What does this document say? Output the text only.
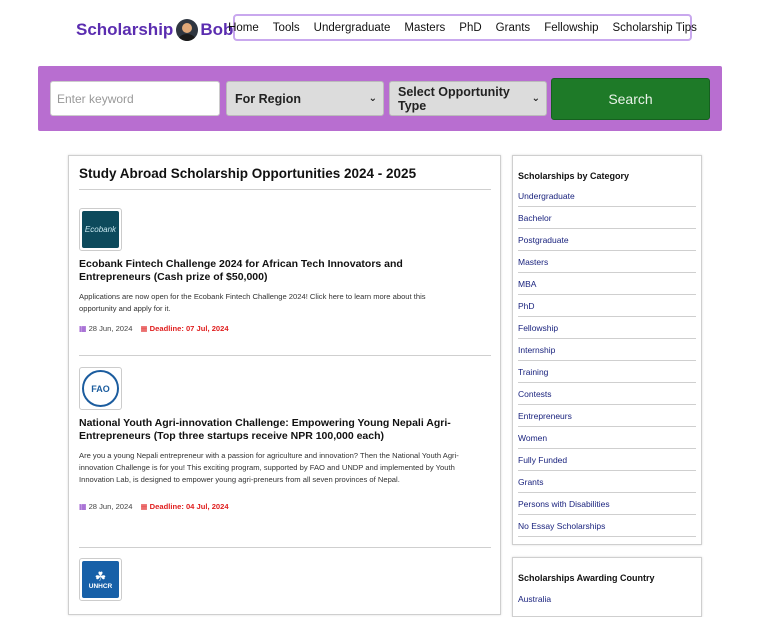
Scholarship Bob
Home	Tools	Undergraduate	Masters	PhD	Grants	Fellowship	Scholarship Tips
Enter keyword
For Region	⌄ Select Opportunity Type	⌄	Search
Study Abroad Scholarship Opportunities 2024 - 2025
Ecobank
Ecobank Fintech Challenge 2024 for African Tech Innovators and Entrepreneurs (Cash prize of $50,000)
Applications are now open for the Ecobank Fintech Challenge 2024! Click here to learn more about this opportunity and apply for it.
▦ 28 Jun, 2024 ▦ Deadline: 07 Jul, 2024
FAO
National Youth Agri-innovation Challenge: Empowering Young Nepali Agri-Entrepreneurs (Top three startups receive NPR 100,000 each)
Are you a young Nepali entrepreneur with a passion for agriculture and innovation? Then the National Youth Agri-innovation Challenge is for you! This exciting program, supported by FAO and UNDP and implemented by Youth Innovation Lab, is designed to empower young agri-preneurs from all seven provinces of Nepal.
▦ 28 Jun, 2024 ▦ Deadline: 04 Jul, 2024
☘
UNHCR
Scholarships by Category
Undergraduate
Bachelor
Postgraduate
Masters
MBA
PhD
Fellowship
Internship
Training
Contests
Entrepreneurs
Women
Fully Funded
Grants
Persons with Disabilities
No Essay Scholarships
Scholarships Awarding Country
Australia
